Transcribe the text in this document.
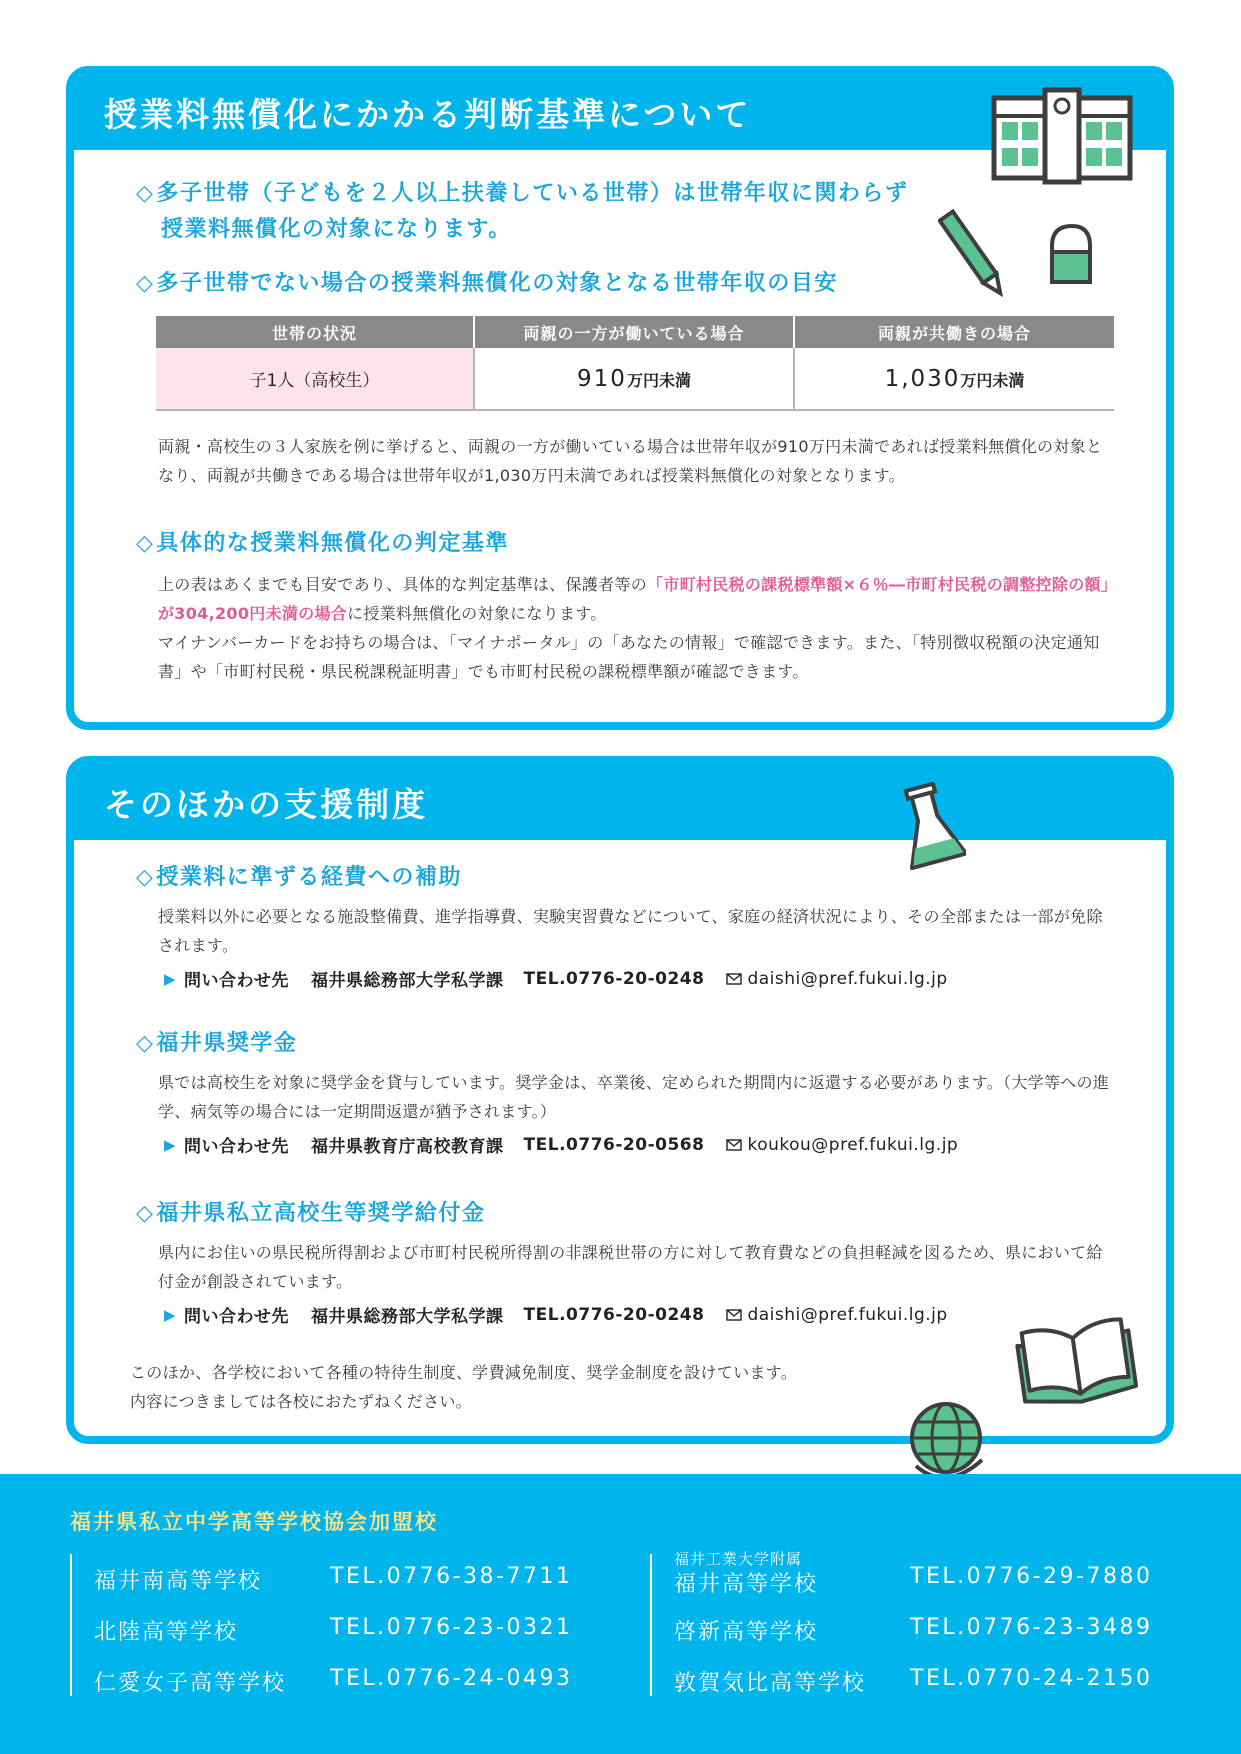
授業料無償化にかかる判断基準について
◇多子世帯（子どもを２人以上扶養している世帯）は世帯年収に関わらず
授業料無償化の対象になります。
◇多子世帯でない場合の授業料無償化の対象となる世帯年収の目安
世帯の状況	両親の一方が働いている場合	両親が共働きの場合
子1人（高校生）	910万円未満	1,030万円未満
両親・高校生の３人家族を例に挙げると、両親の一方が働いている場合は世帯年収が910万円未満であれば授業料無償化の対象となり、両親が共働きである場合は世帯年収が1,030万円未満であれば授業料無償化の対象となります。
◇具体的な授業料無償化の判定基準
上の表はあくまでも目安であり、具体的な判定基準は、保護者等の「市町村民税の課税標準額×６％―市町村民税の調整控除の額」が304,200円未満の場合に授業料無償化の対象になります。
マイナンバーカードをお持ちの場合は、「マイナポータル」の「あなたの情報」で確認できます。また、「特別徴収税額の決定通知書」や「市町村民税・県民税課税証明書」でも市町村民税の課税標準額が確認できます。
そのほかの支援制度
◇授業料に準ずる経費への補助
授業料以外に必要となる施設整備費、進学指導費、実験実習費などについて、家庭の経済状況により、その全部または一部が免除されます。
▶ 問い合わせ先 福井県総務部大学私学課 TEL.0776-20-0248	daishi@pref.fukui.lg.jp
◇福井県奨学金
県では高校生を対象に奨学金を貸与しています。奨学金は、卒業後、定められた期間内に返還する必要があります。（大学等への進学、病気等の場合には一定期間返還が猶予されます。）
▶ 問い合わせ先 福井県教育庁高校教育課 TEL.0776-20-0568	koukou@pref.fukui.lg.jp
◇福井県私立高校生等奨学給付金
県内にお住いの県民税所得割および市町村民税所得割の非課税世帯の方に対して教育費などの負担軽減を図るため、県において給付金が創設されています。
▶ 問い合わせ先 福井県総務部大学私学課 TEL.0776-20-0248	daishi@pref.fukui.lg.jp
このほか、各学校において各種の特待生制度、学費減免制度、奨学金制度を設けています。
内容につきましては各校におたずねください。
福井県私立中学高等学校協会加盟校
福井南高等学校	TEL.0776-38-7711
北陸高等学校	TEL.0776-23-0321
仁愛女子高等学校 TEL.0776-24-0493
福井工業大学附属
福井高等学校	TEL.0776-29-7880
啓新高等学校	TEL.0776-23-3489
敦賀気比高等学校 TEL.0770-24-2150
